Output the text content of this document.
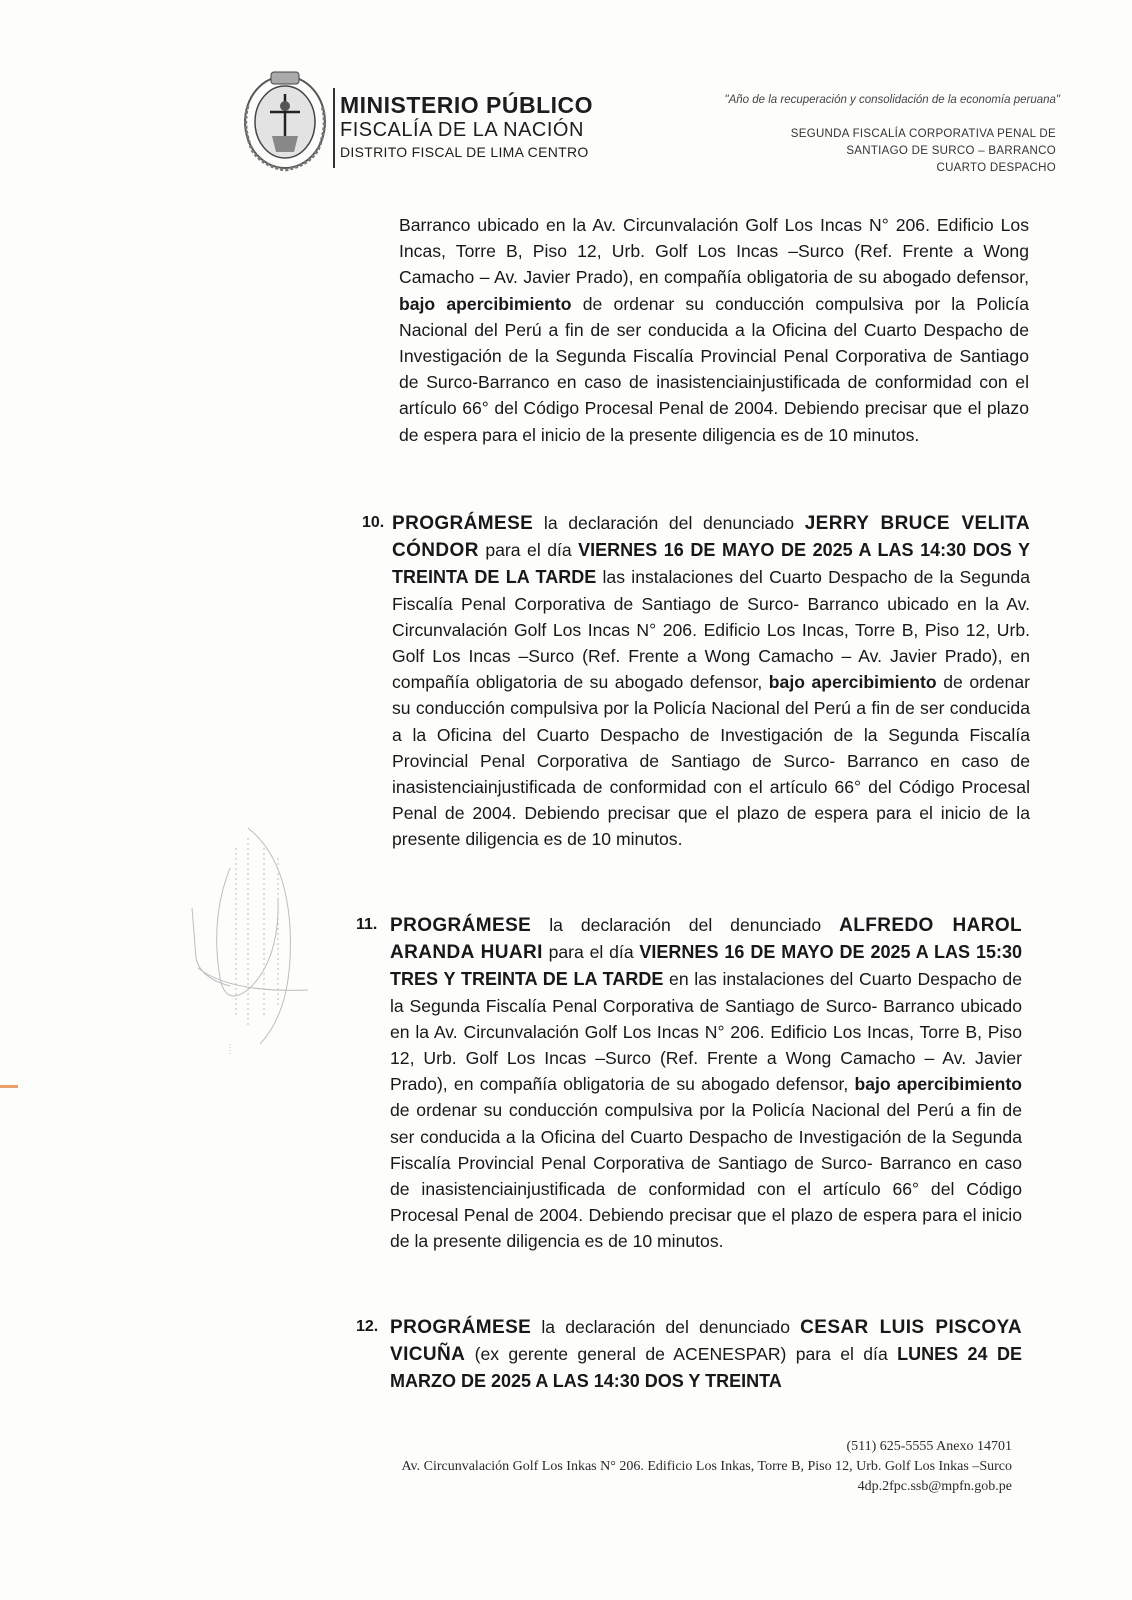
MINISTERIO PÚBLICO
FISCALÍA DE LA NACIÓN
DISTRITO FISCAL DE LIMA CENTRO
"Año de la recuperación y consolidación de la economía peruana"
SEGUNDA FISCALÍA CORPORATIVA PENAL DE
SANTIAGO DE SURCO – BARRANCO
CUARTO DESPACHO
Barranco ubicado en la Av. Circunvalación Golf Los Incas N° 206. Edificio Los Incas, Torre B, Piso 12, Urb. Golf Los Incas –Surco (Ref. Frente a Wong Camacho – Av. Javier Prado), en compañía obligatoria de su abogado defensor, bajo apercibimiento de ordenar su conducción compulsiva por la Policía Nacional del Perú a fin de ser conducida a la Oficina del Cuarto Despacho de Investigación de la Segunda Fiscalía Provincial Penal Corporativa de Santiago de Surco-Barranco en caso de inasistenciainjustificada de conformidad con el artículo 66° del Código Procesal Penal de 2004. Debiendo precisar que el plazo de espera para el inicio de la presente diligencia es de 10 minutos.
10. PROGRÁMESE la declaración del denunciado JERRY BRUCE VELITA CÓNDOR para el día VIERNES 16 DE MAYO DE 2025 A LAS 14:30 DOS Y TREINTA DE LA TARDE las instalaciones del Cuarto Despacho de la Segunda Fiscalía Penal Corporativa de Santiago de Surco- Barranco ubicado en la Av. Circunvalación Golf Los Incas N° 206. Edificio Los Incas, Torre B, Piso 12, Urb. Golf Los Incas –Surco (Ref. Frente a Wong Camacho – Av. Javier Prado), en compañía obligatoria de su abogado defensor, bajo apercibimiento de ordenar su conducción compulsiva por la Policía Nacional del Perú a fin de ser conducida a la Oficina del Cuarto Despacho de Investigación de la Segunda Fiscalía Provincial Penal Corporativa de Santiago de Surco- Barranco en caso de inasistenciainjustificada de conformidad con el artículo 66° del Código Procesal Penal de 2004. Debiendo precisar que el plazo de espera para el inicio de la presente diligencia es de 10 minutos.
11. PROGRÁMESE la declaración del denunciado ALFREDO HAROL ARANDA HUARI para el día VIERNES 16 DE MAYO DE 2025 A LAS 15:30 TRES Y TREINTA DE LA TARDE en las instalaciones del Cuarto Despacho de la Segunda Fiscalía Penal Corporativa de Santiago de Surco- Barranco ubicado en la Av. Circunvalación Golf Los Incas N° 206. Edificio Los Incas, Torre B, Piso 12, Urb. Golf Los Incas –Surco (Ref. Frente a Wong Camacho – Av. Javier Prado), en compañía obligatoria de su abogado defensor, bajo apercibimiento de ordenar su conducción compulsiva por la Policía Nacional del Perú a fin de ser conducida a la Oficina del Cuarto Despacho de Investigación de la Segunda Fiscalía Provincial Penal Corporativa de Santiago de Surco- Barranco en caso de inasistenciainjustificada de conformidad con el artículo 66° del Código Procesal Penal de 2004. Debiendo precisar que el plazo de espera para el inicio de la presente diligencia es de 10 minutos.
12. PROGRÁMESE la declaración del denunciado CESAR LUIS PISCOYA VICUÑA (ex gerente general de ACENESPAR) para el día LUNES 24 DE MARZO DE 2025 A LAS 14:30 DOS Y TREINTA
(511) 625-5555 Anexo 14701
Av. Circunvalación Golf Los Inkas N° 206. Edificio Los Inkas, Torre B, Piso 12, Urb. Golf Los Inkas –Surco
4dp.2fpc.ssb@mpfn.gob.pe
